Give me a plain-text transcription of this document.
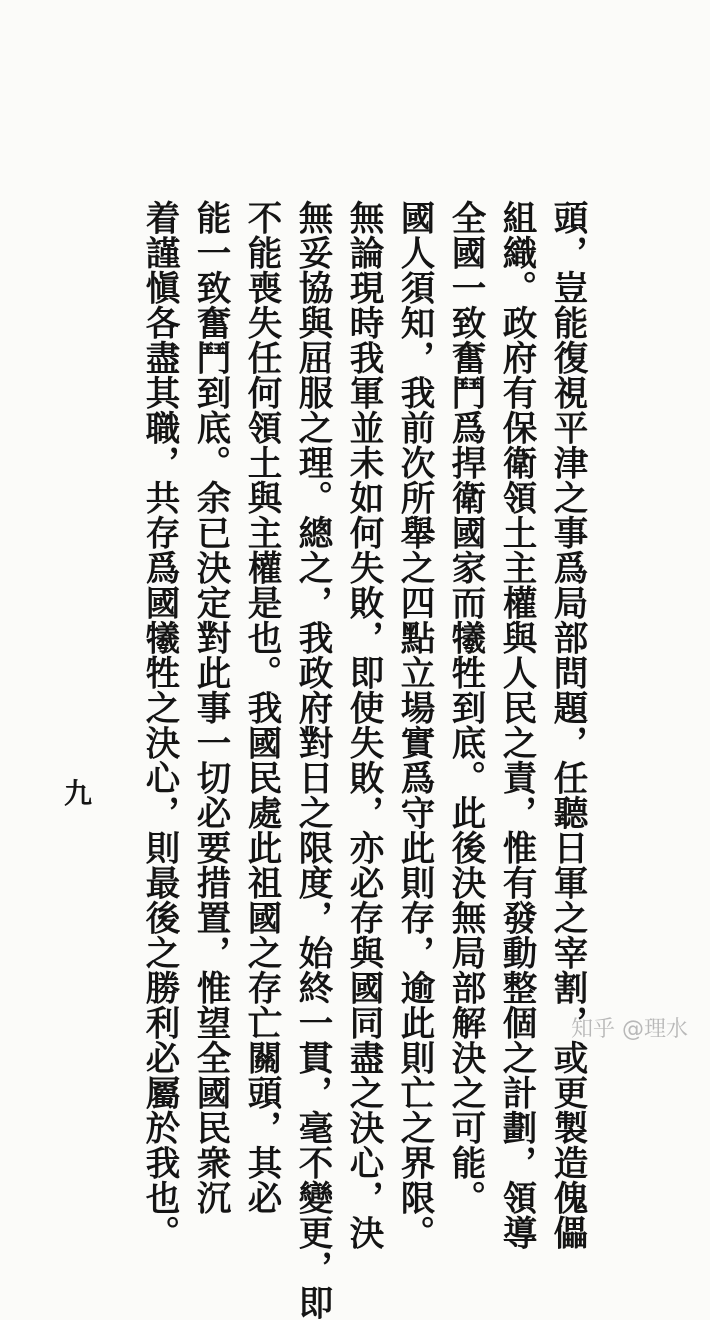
頭，豈能復視平津之事爲局部問題，任聽日軍之宰割，或更製造傀儡
組織。政府有保衛領土主權與人民之責，惟有發動整個之計劃，領導
全國一致奮鬥爲捍衛國家而犧牲到底。此後決無局部解決之可能。
國人須知，我前次所舉之四點立場實爲守此則存，逾此則亡之界限。
無論現時我軍並未如何失敗，即使失敗，亦必存與國同盡之決心，決
無妥協與屈服之理。總之，我政府對日之限度，始終一貫，毫不變更，即
不能喪失任何領土與主權是也。我國民處此祖國之存亡關頭，其必
能一致奮鬥到底。余已決定對此事一切必要措置，惟望全國民衆沉
着謹愼各盡其職，共存爲國犧牲之決心，則最後之勝利必屬於我也。
九
知乎 @理水
